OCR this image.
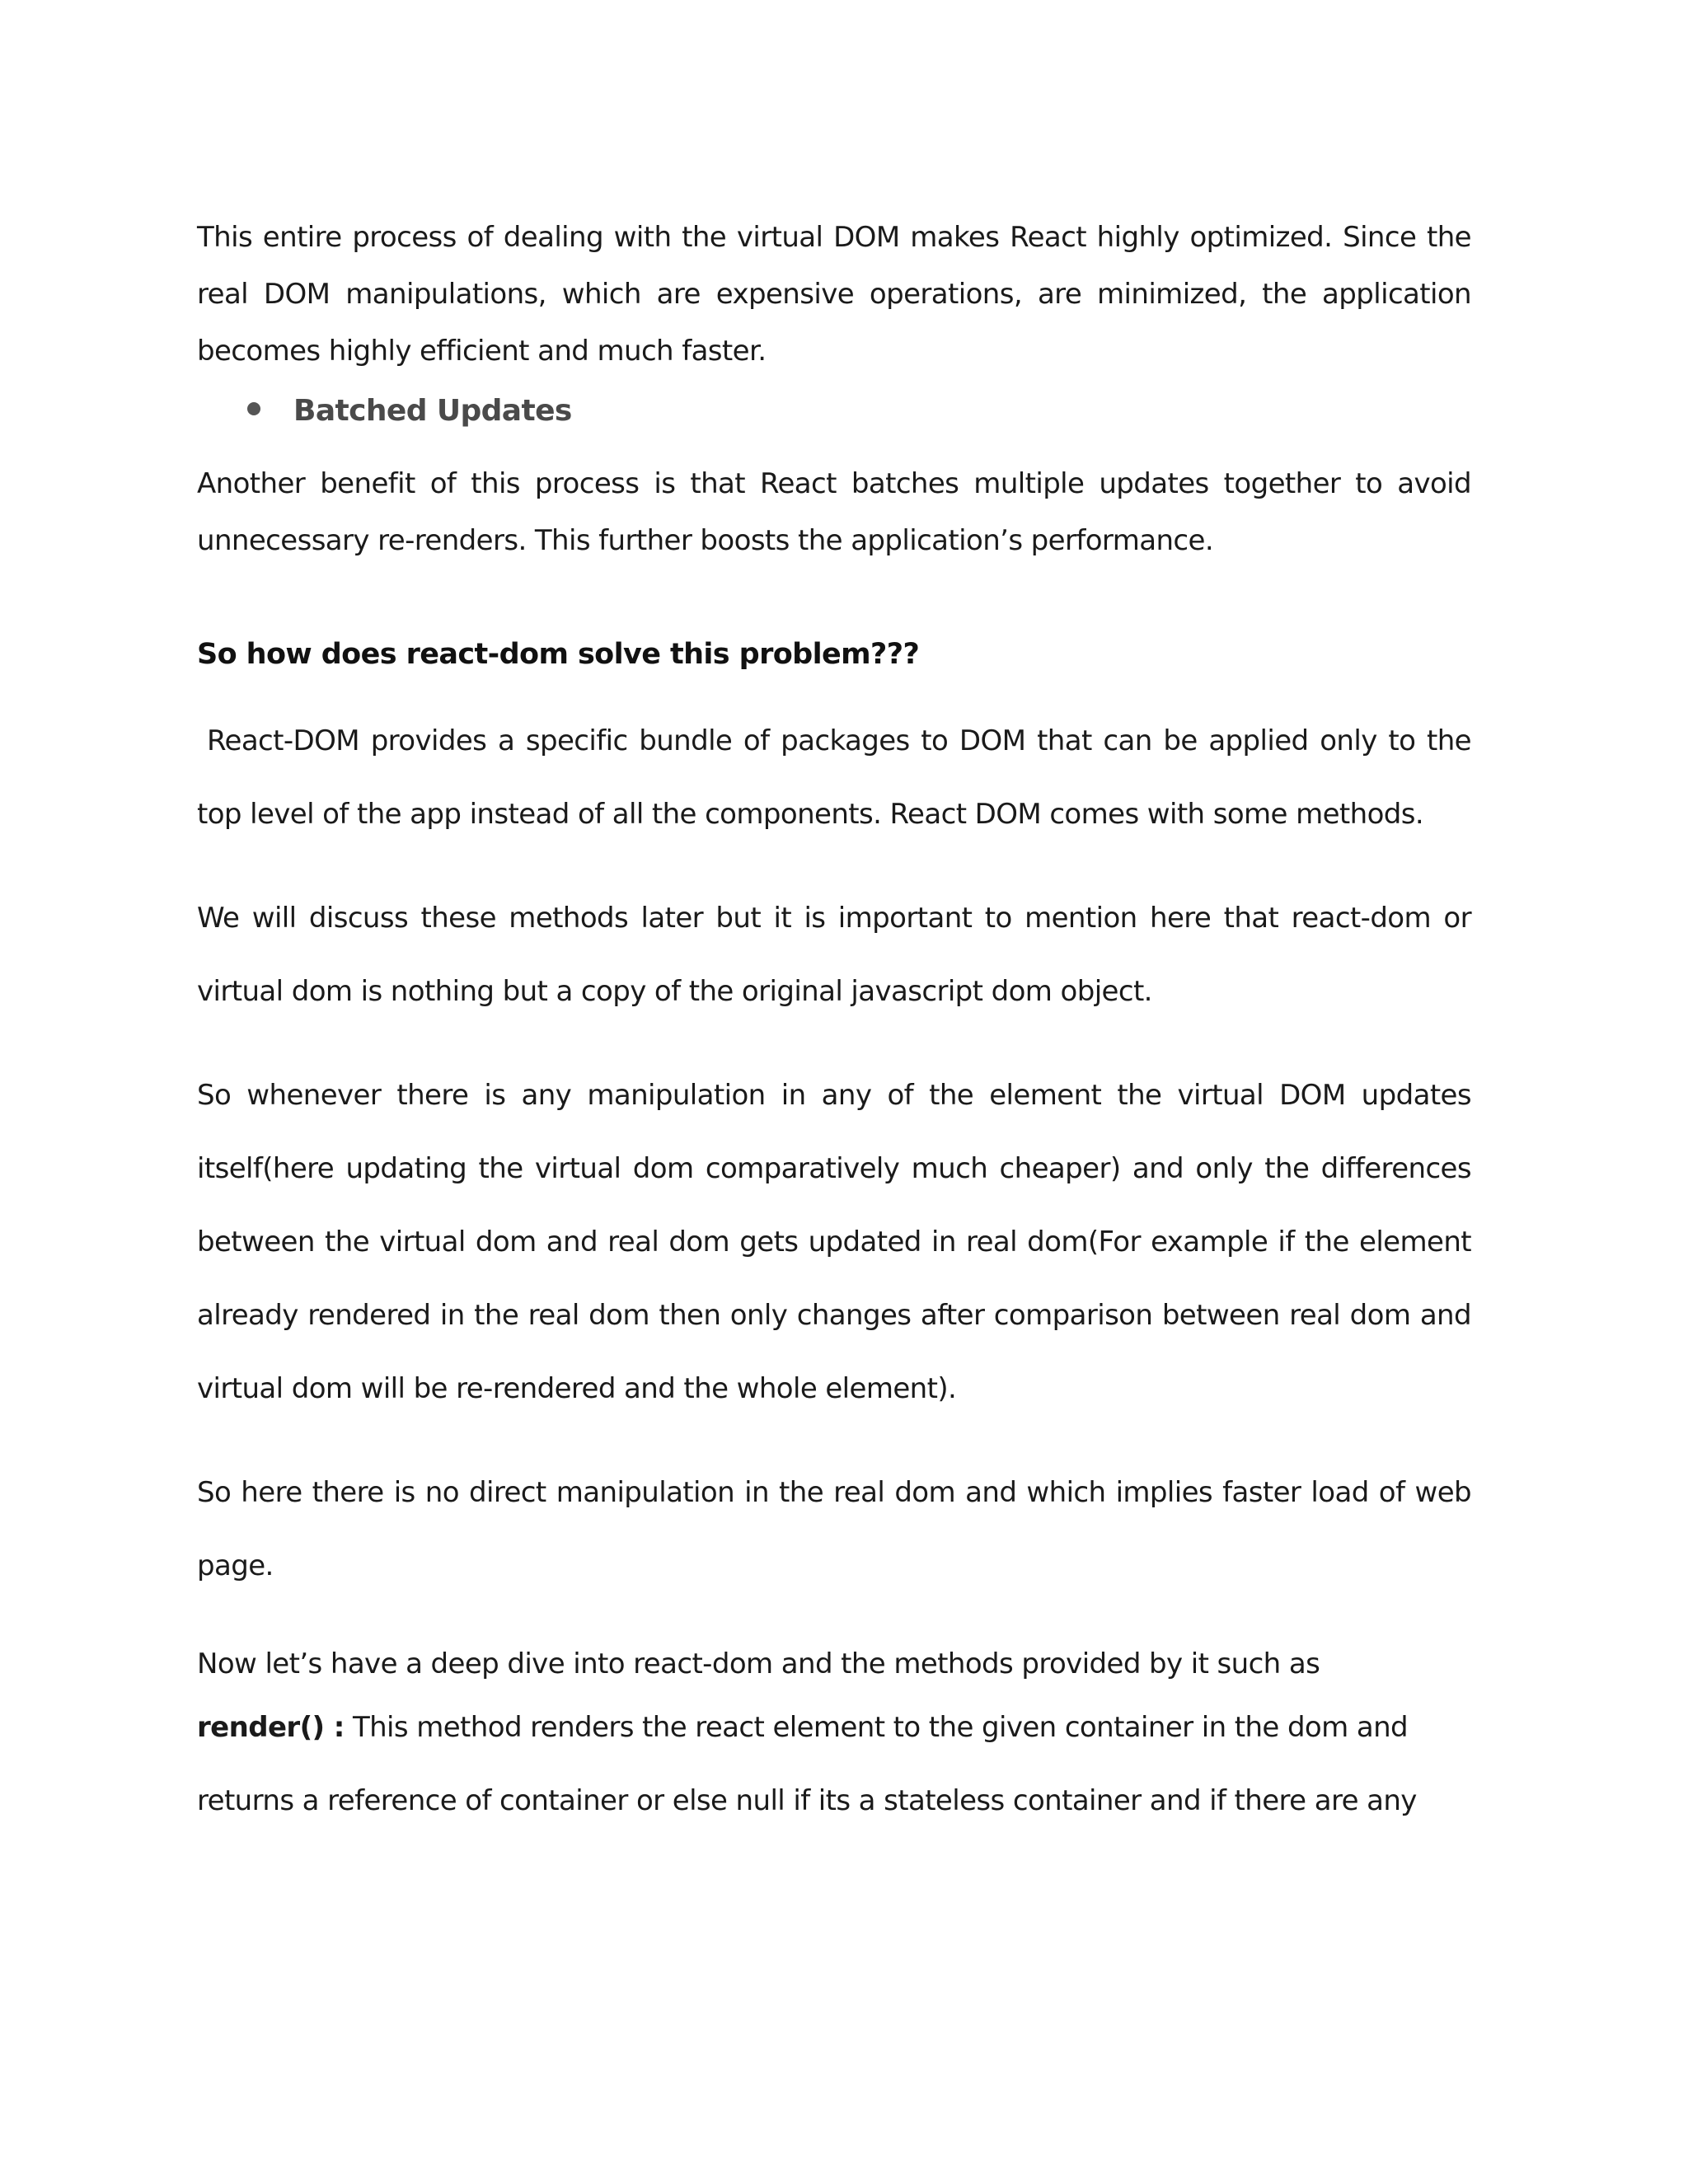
This entire process of dealing with the virtual DOM makes React highly optimized. Since the real DOM manipulations, which are expensive operations, are minimized, the application becomes highly efficient and much faster.

Batched Updates

Another benefit of this process is that React batches multiple updates together to avoid unnecessary re-renders. This further boosts the application’s performance.

So how does react-dom solve this problem???

React-DOM provides a specific bundle of packages to DOM that can be applied only to the top level of the app instead of all the components. React DOM comes with some methods.

We will discuss these methods later but it is important to mention here that react-dom or virtual dom is nothing but a copy of the original javascript dom object.

So whenever there is any manipulation in any of the element the virtual DOM updates itself(here updating the virtual dom comparatively much cheaper) and only the differences between the virtual dom and real dom gets updated in real dom(For example if the element already rendered in the real dom then only changes after comparison between real dom and virtual dom will be re-rendered and the whole element).

So here there is no direct manipulation in the real dom and which implies faster load of web page.

Now let’s have a deep dive into react-dom and the methods provided by it such as

render() : This method renders the react element to the given container in the dom and returns a reference of container or else null if its a stateless container and if there are any
